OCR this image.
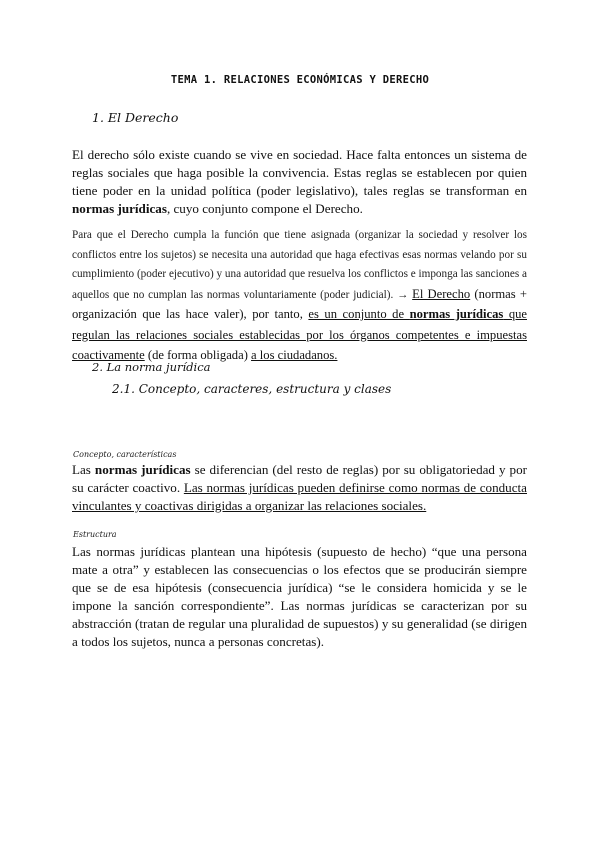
TEMA 1. RELACIONES ECONÓMICAS Y DERECHO
1. El Derecho

El derecho sólo existe cuando se vive en sociedad. Hace falta entonces un sistema de reglas sociales que haga posible la convivencia. Estas reglas se establecen por quien tiene poder en la unidad política (poder legislativo), tales reglas se transforman en normas jurídicas, cuyo conjunto compone el Derecho.

Para que el Derecho cumpla la función que tiene asignada (organizar la sociedad y resolver los conflictos entre los sujetos) se necesita una autoridad que haga efectivas esas normas velando por su cumplimiento (poder ejecutivo) y una autoridad que resuelva los conflictos e imponga las sanciones a aquellos que no cumplan las normas voluntariamente (poder judicial). → El Derecho (normas + organización que las hace valer), por tanto, es un conjunto de normas jurídicas que regulan las relaciones sociales establecidas por los órganos competentes e impuestas coactivamente (de forma obligada) a los ciudadanos.

2. La norma jurídica
2.1. Concepto, caracteres, estructura y clases
Concepto, características

Las normas jurídicas se diferencian (del resto de reglas) por su obligatoriedad y por su carácter coactivo. Las normas jurídicas pueden definirse como normas de conducta vinculantes y coactivas dirigidas a organizar las relaciones sociales.

Estructura

Las normas jurídicas plantean una hipótesis (supuesto de hecho) “que una persona mate a otra” y establecen las consecuencias o los efectos que se producirán siempre que se de esa hipótesis (consecuencia jurídica) “se le considera homicida y se le impone la sanción correspondiente”. Las normas jurídicas se caracterizan por su abstracción (tratan de regular una pluralidad de supuestos) y su generalidad (se dirigen a todos los sujetos, nunca a personas concretas).
